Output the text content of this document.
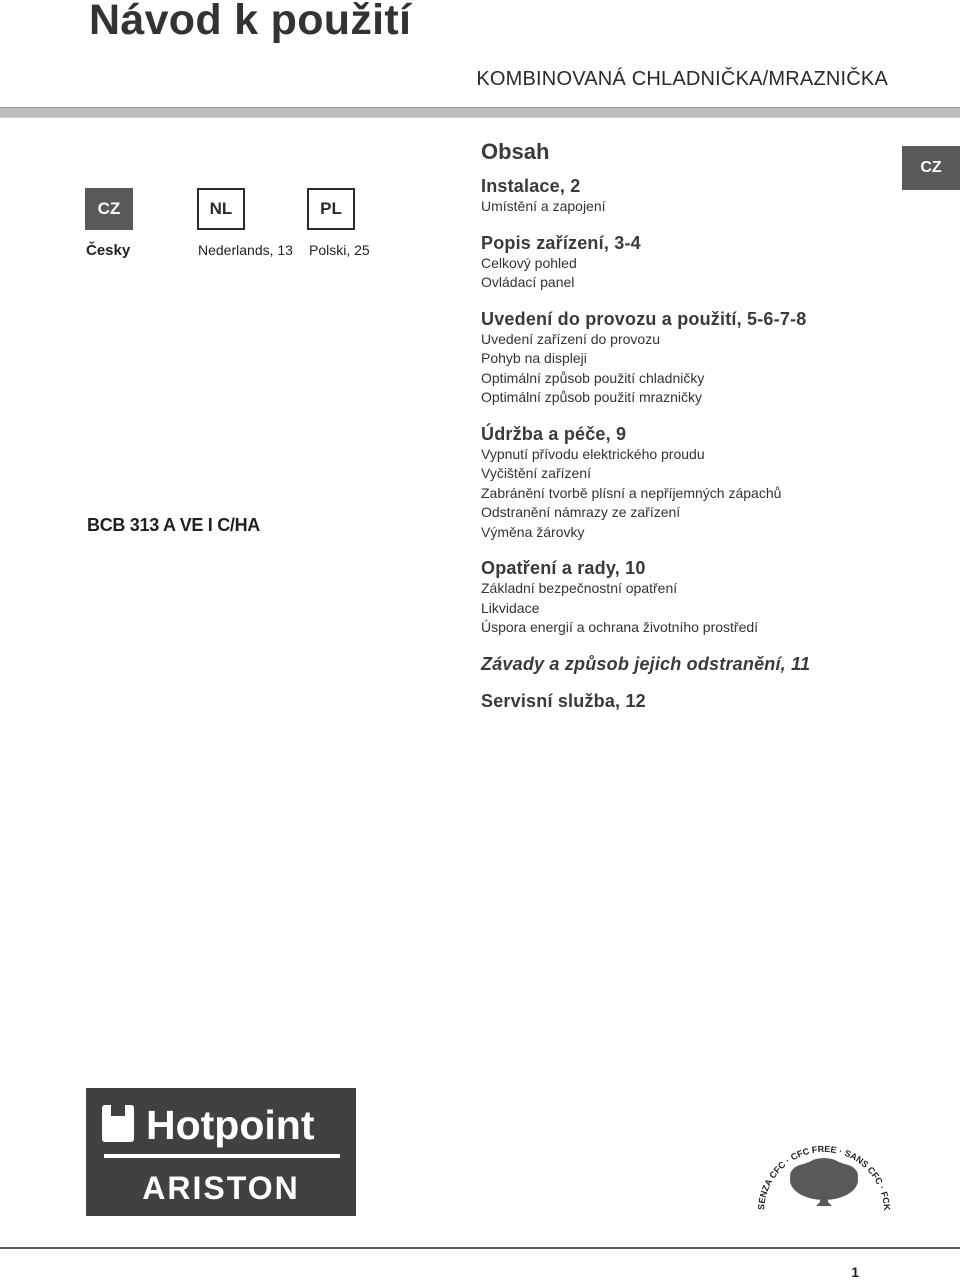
Návod k použití
KOMBINOVANÁ CHLADNIČKA/MRAZNIČKA
CZ	NL	PL
Česky	Nederlands, 13 Polski, 25
CZ
BCB 313 A VE I C/HA
Obsah
Instalace, 2
Umístění a zapojení
Popis zařízení, 3-4
Celkový pohled
Ovládací panel
Uvedení do provozu a použití, 5-6-7-8
Uvedení zařízení do provozu
Pohyb na displeji
Optimální způsob použití chladničky
Optimální způsob použití mrazničky
Údržba a péče, 9
Vypnutí přívodu elektrického proudu
Vyčištění zařízení
Zabránění tvorbě plísní a nepříjemných zápachů
Odstranění námrazy ze zařízení
Výměna žárovky
Opatření a rady, 10
Základní bezpečnostní opatření
Likvidace
Úspora energií a ochrana životního prostředí
Závady a způsob jejich odstranění, 11
Servisní služba, 12
Hotpoint
ARISTON
SENZA CFC · CFC FREE · SANS CFC · FCK
1
